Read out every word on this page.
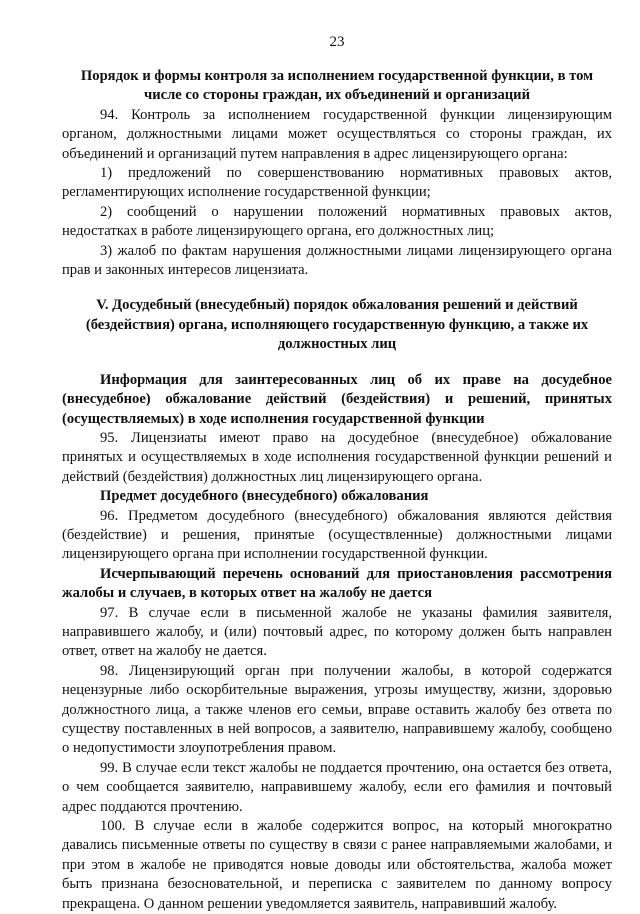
23

Порядок и формы контроля за исполнением государственной функции, в том числе со стороны граждан, их объединений и организаций

94. Контроль за исполнением государственной функции лицензирующим органом, должностными лицами может осуществляться со стороны граждан, их объединений и организаций путем направления в адрес лицензирующего органа:

1) предложений по совершенствованию нормативных правовых актов, регламентирующих исполнение государственной функции;

2) сообщений о нарушении положений нормативных правовых актов, недостатках в работе лицензирующего органа, его должностных лиц;

3) жалоб по фактам нарушения должностными лицами лицензирующего органа прав и законных интересов лицензиата.

V. Досудебный (внесудебный) порядок обжалования решений и действий (бездействия) органа, исполняющего государственную функцию, а также их должностных лиц

Информация для заинтересованных лиц об их праве на досудебное (внесудебное) обжалование действий (бездействия) и решений, принятых (осуществляемых) в ходе исполнения государственной функции

95. Лицензиаты имеют право на досудебное (внесудебное) обжалование принятых и осуществляемых в ходе исполнения государственной функции решений и действий (бездействия) должностных лиц лицензирующего органа.

Предмет досудебного (внесудебного) обжалования

96. Предметом досудебного (внесудебного) обжалования являются действия (бездействие) и решения, принятые (осуществленные) должностными лицами лицензирующего органа при исполнении государственной функции.

Исчерпывающий перечень оснований для приостановления рассмотрения жалобы и случаев, в которых ответ на жалобу не дается

97. В случае если в письменной жалобе не указаны фамилия заявителя, направившего жалобу, и (или) почтовый адрес, по которому должен быть направлен ответ, ответ на жалобу не дается.

98. Лицензирующий орган при получении жалобы, в которой содержатся нецензурные либо оскорбительные выражения, угрозы имуществу, жизни, здоровью должностного лица, а также членов его семьи, вправе оставить жалобу без ответа по существу поставленных в ней вопросов, а заявителю, направившему жалобу, сообщено о недопустимости злоупотребления правом.

99. В случае если текст жалобы не поддается прочтению, она остается без ответа, о чем сообщается заявителю, направившему жалобу, если его фамилия и почтовый адрес поддаются прочтению.

100. В случае если в жалобе содержится вопрос, на который многократно давались письменные ответы по существу в связи с ранее направляемыми жалобами, и при этом в жалобе не приводятся новые доводы или обстоятельства, жалоба может быть признана безосновательной, и переписка с заявителем по данному вопросу прекращена. О данном решении уведомляется заявитель, направивший жалобу.
